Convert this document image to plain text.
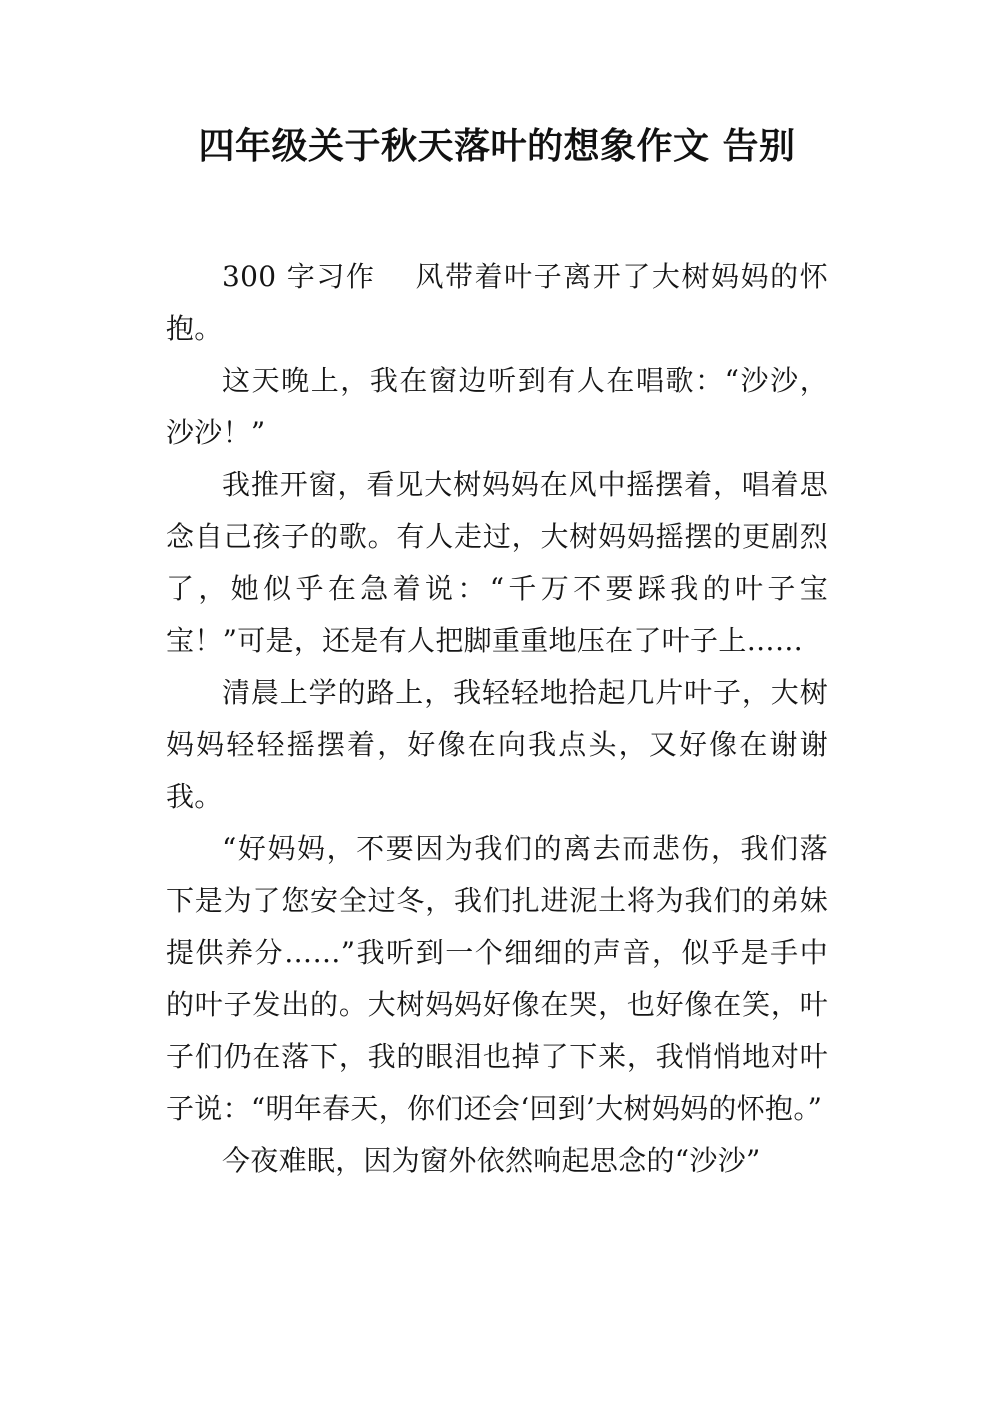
四年级关于秋天落叶的想象作文 告别

300 字习作　 风带着叶子离开了大树妈妈的怀抱。

这天晚上，我在窗边听到有人在唱歌：“沙沙，沙沙！”

我推开窗，看见大树妈妈在风中摇摆着，唱着思念自己孩子的歌。有人走过，大树妈妈摇摆的更剧烈了，她似乎在急着说：“千万不要踩我的叶子宝宝！”可是，还是有人把脚重重地压在了叶子上……

清晨上学的路上，我轻轻地拾起几片叶子，大树妈妈轻轻摇摆着，好像在向我点头，又好像在谢谢我。

“好妈妈，不要因为我们的离去而悲伤，我们落下是为了您安全过冬，我们扎进泥土将为我们的弟妹提供养分……”我听到一个细细的声音，似乎是手中的叶子发出的。大树妈妈好像在哭，也好像在笑，叶子们仍在落下，我的眼泪也掉了下来，我悄悄地对叶子说：“明年春天，你们还会‘回到’大树妈妈的怀抱。”

今夜难眠，因为窗外依然响起思念的“沙沙”
